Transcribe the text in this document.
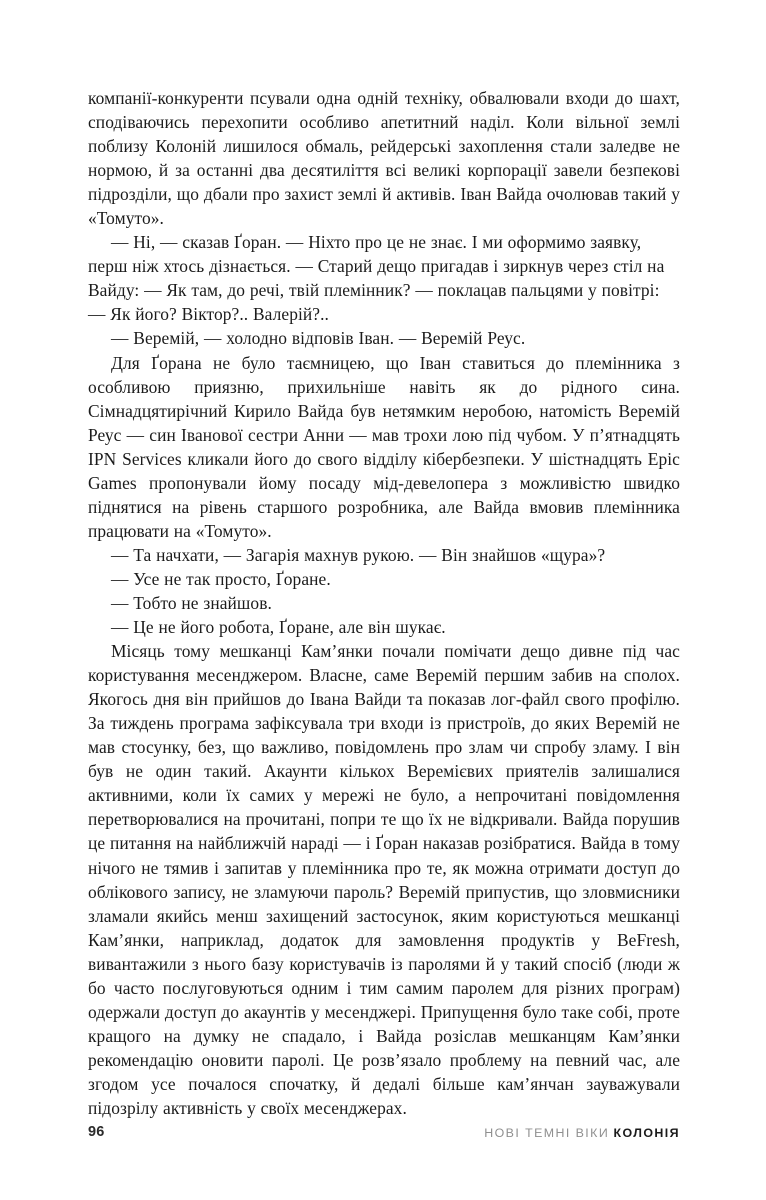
компанії-конкуренти псували одна одній техніку, обвалювали входи до шахт, сподіваючись перехопити особливо апетитний наділ. Коли вільної землі поблизу Колоній лишилося обмаль, рейдерські захоплення стали заледве не нормою, й за останні два десятиліття всі великі корпорації завели безпекові підрозділи, що дбали про захист землі й активів. Іван Вайда очолював такий у «Томуто».

— Ні, — сказав Ґоран. — Ніхто про це не знає. І ми оформимо заявку, перш ніж хтось дізнається. — Старий дещо пригадав і зиркнув через стіл на Вайду: — Як там, до речі, твій племінник? — поклацав пальцями у повітрі: — Як його? Віктор?.. Валерій?..

— Веремій, — холодно відповів Іван. — Веремій Реус.

Для Ґорана не було таємницею, що Іван ставиться до племінника з особливою приязню, прихильніше навіть як до рідного сина. Сімнадцятирічний Кирило Вайда був нетямким неробою, натомість Веремій Реус — син Іванової сестри Анни — мав трохи лою під чубом. У п’ятнадцять IPN Services кликали його до свого відділу кібербезпеки. У шістнадцять Epic Games пропонували йому посаду мід-девелопера з можливістю швидко піднятися на рівень старшого розробника, але Вайда вмовив племінника працювати на «Томуто».

— Та начхати, — Загарія махнув рукою. — Він знайшов «щура»?

— Усе не так просто, Ґоране.

— Тобто не знайшов.

— Це не його робота, Ґоране, але він шукає.

Місяць тому мешканці Кам’янки почали помічати дещо дивне під час користування месенджером. Власне, саме Веремій першим забив на сполох. Якогось дня він прийшов до Івана Вайди та показав лог-файл свого профілю. За тиждень програма зафіксувала три входи із пристроїв, до яких Веремій не мав стосунку, без, що важливо, повідомлень про злам чи спробу зламу. І він був не один такий. Акаунти кількох Веремієвих приятелів залишалися активними, коли їх самих у мережі не було, а непрочитані повідомлення перетворювалися на прочитані, попри те що їх не відкривали. Вайда порушив це питання на найближчій нараді — і Ґоран наказав розібратися. Вайда в тому нічого не тямив і запитав у племінника про те, як можна отримати доступ до облікового запису, не зламуючи пароль? Веремій припустив, що зловмисники зламали якийсь менш захищений застосунок, яким користуються мешканці Кам’янки, наприклад, додаток для замовлення продуктів у BeFresh, вивантажили з нього базу користувачів із паролями й у такий спосіб (люди ж бо часто послуговуються одним і тим самим паролем для різних програм) одержали доступ до акаунтів у месенджері. Припущення було таке собі, проте кращого на думку не спадало, і Вайда розіслав мешканцям Кам’янки рекомендацію оновити паролі. Це розв’язало проблему на певний час, але згодом усе почалося спочатку, й дедалі більше кам’янчан зауважували підозрілу активність у своїх месенджерах.

96	НОВІ ТЕМНІ ВІКИ КОЛОНІЯ
